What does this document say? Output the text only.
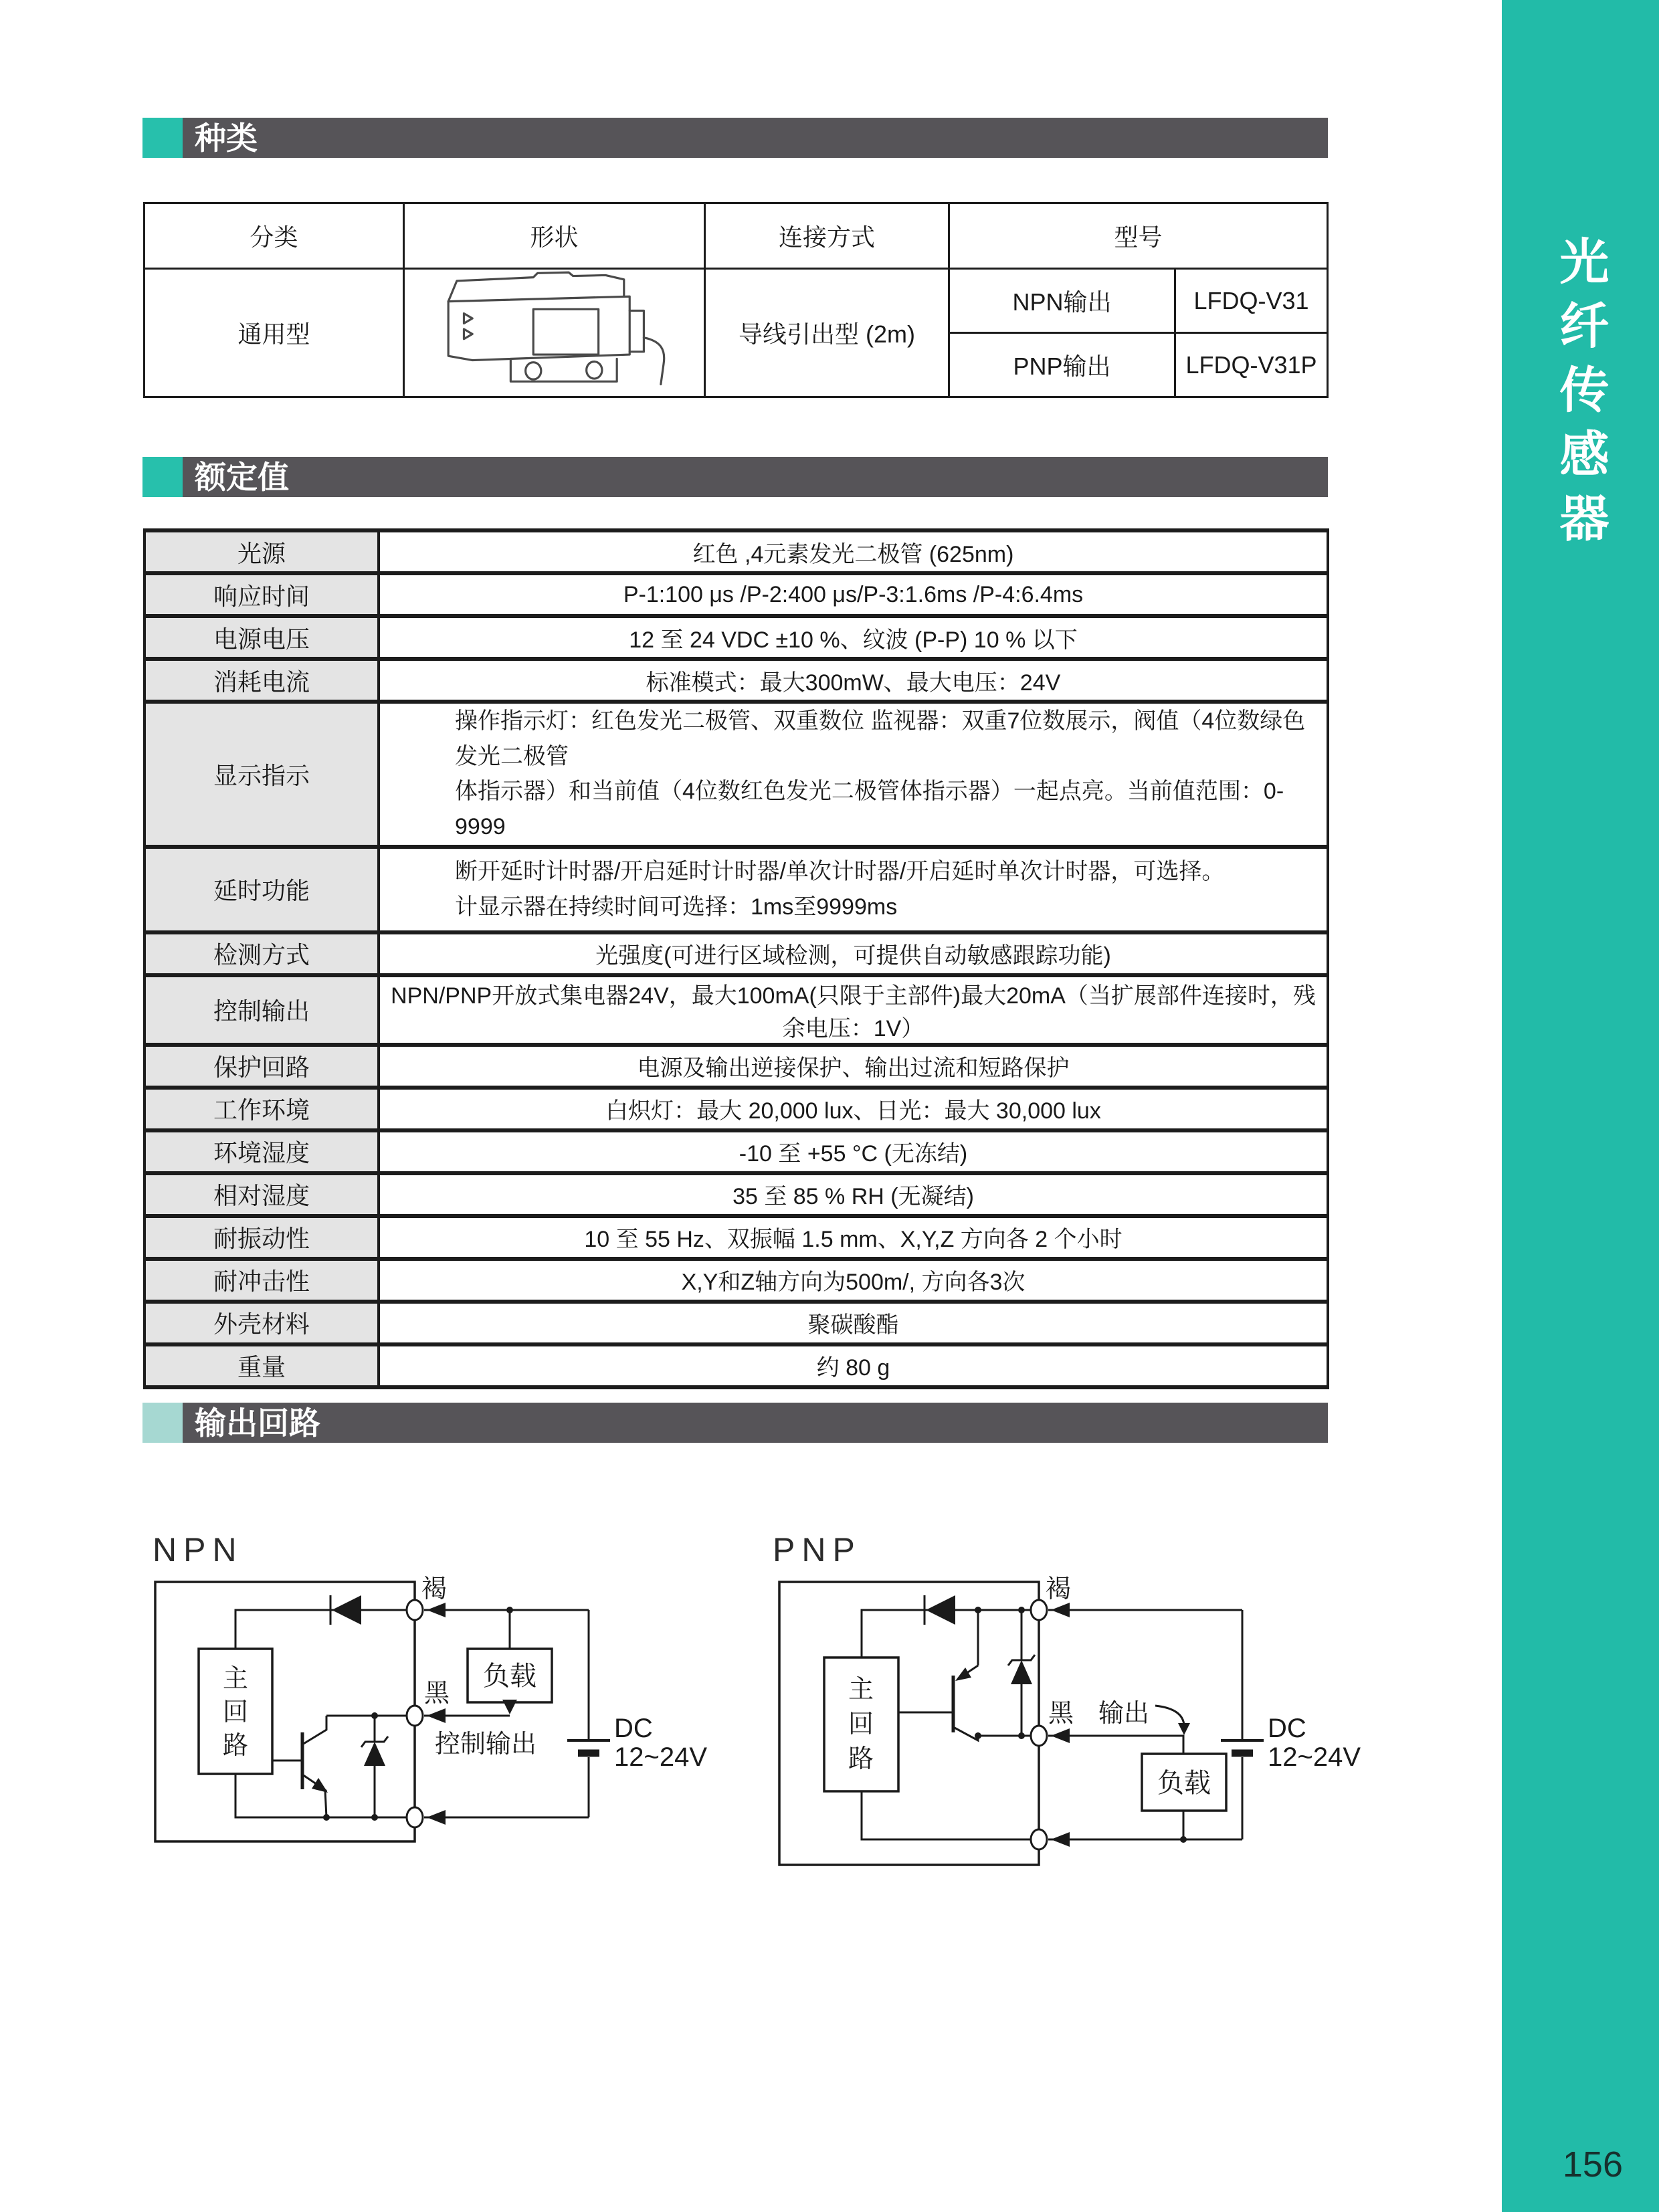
光纤传感器
156
种类
分类	形状	连接方式	型号	
通用型		导线引出型 (2m)	NPN输出	LFDQ-V31
			PNP输出	LFDQ-V31P
额定值
光源	红色 ,4元素发光二极管 (625nm)
响应时间	P-1:100 μs /P-2:400 μs/P-3:1.6ms /P-4:6.4ms
电源电压	12 至 24 VDC ±10 %、纹波 (P-P) 10 % 以下
消耗电流	标准模式：最大300mW、最大电压：24V
显示指示	操作指示灯：红色发光二极管、双重数位 监视器：双重7位数展示，阀值（4位数绿色发光二极管
体指示器）和当前值（4位数红色发光二极管体指示器）一起点亮。当前值范围：0-9999

延时功能	断开延时计时器/开启延时计时器/单次计时器/开启延时单次计时器，可选择。
计显示器在持续时间可选择：1ms至9999ms

检测方式	光强度(可进行区域检测，可提供自动敏感跟踪功能)
控制输出	NPN/PNP开放式集电器24V，最大100mA(只限于主部件)最大20mA（当扩展部件连接时，残余电压：1V）
保护回路	电源及输出逆接保护、输出过流和短路保护
工作环境	白炽灯：最大 20,000 lux、日光：最大 30,000 lux
环境湿度	-10 至 +55 °C (无冻结)
相对湿度	35 至 85 % RH (无凝结)
耐振动性	10 至 55 Hz、双振幅 1.5 mm、X,Y,Z 方向各 2 个小时
耐冲击性	X,Y和Z轴方向为500m/, 方向各3次
外壳材料	聚碳酸酯
重量	约 80 g
输出回路
NPN	PNP
主
回
路
负载
褐
黑
控制输出
DC
12~24V
主
回
路
负载
褐
黑 输出	DC
12~24V
